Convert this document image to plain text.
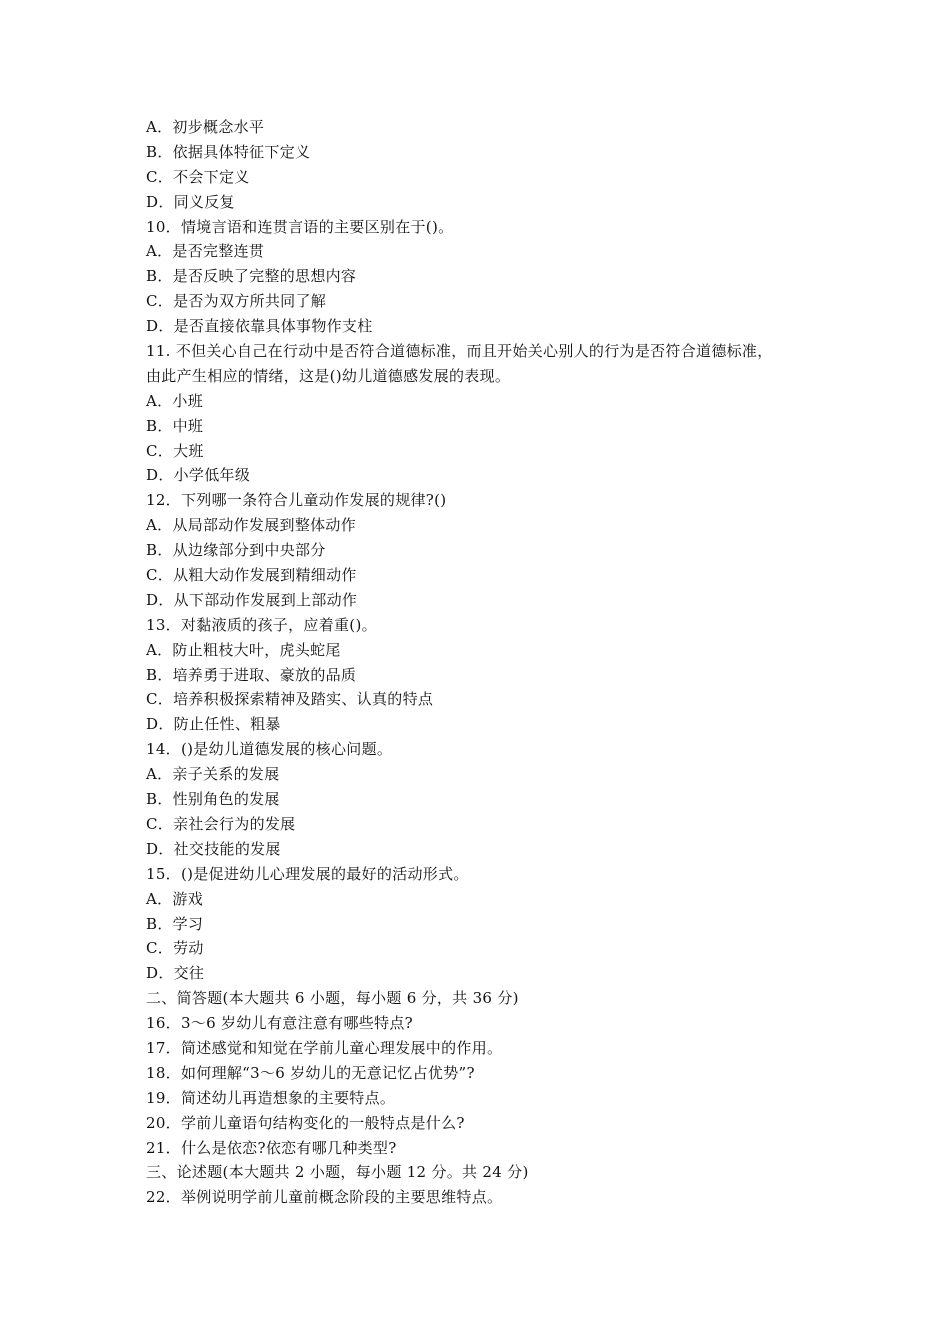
A．初步概念水平
B．依据具体特征下定义
C．不会下定义
D．同义反复
10．情境言语和连贯言语的主要区别在于()。
A．是否完整连贯
B．是否反映了完整的思想内容
C．是否为双方所共同了解
D．是否直接依靠具体事物作支柱
11. 不但关心自己在行动中是否符合道德标准，而且开始关心别人的行为是否符合道德标准，
由此产生相应的情绪，这是()幼儿道德感发展的表现。
A．小班
B．中班
C．大班
D．小学低年级
12．下列哪一条符合儿童动作发展的规律?()
A．从局部动作发展到整体动作
B．从边缘部分到中央部分
C．从粗大动作发展到精细动作
D．从下部动作发展到上部动作
13．对黏液质的孩子，应着重()。
A．防止粗枝大叶，虎头蛇尾
B．培养勇于进取、豪放的品质
C．培养积极探索精神及踏实、认真的特点
D．防止任性、粗暴
14．()是幼儿道德发展的核心问题。
A．亲子关系的发展
B．性别角色的发展
C．亲社会行为的发展
D．社交技能的发展
15．()是促进幼儿心理发展的最好的活动形式。
A．游戏
B．学习
C．劳动
D．交往
二、简答题(本大题共 6 小题，每小题 6 分，共 36 分)
16．3～6 岁幼儿有意注意有哪些特点?
17．简述感觉和知觉在学前儿童心理发展中的作用。
18．如何理解“3～6 岁幼儿的无意记忆占优势”?
19．简述幼儿再造想象的主要特点。
20．学前儿童语句结构变化的一般特点是什么?
21．什么是依恋?依恋有哪几种类型?
三、论述题(本大题共 2 小题，每小题 12 分。共 24 分)
22．举例说明学前儿童前概念阶段的主要思维特点。
